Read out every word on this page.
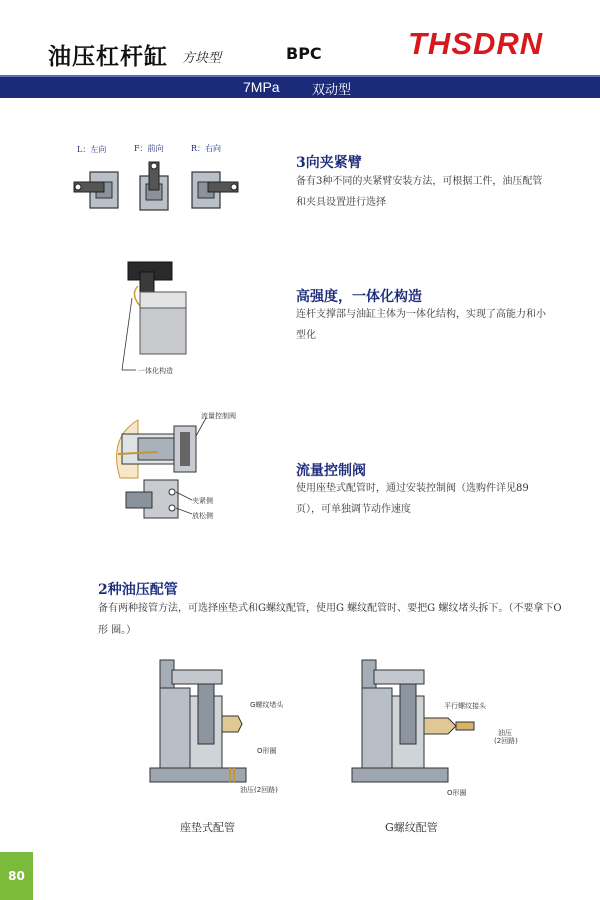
油压杠杆缸 方块型	BPC	THSDRN
7MPa 双动型
L：左向	F：前向	R：右向
3向夹紧臂
备有3种不同的夹紧臂安装方法，可根据工件，油压配管和夹具设置进行选择
一体化构造
高强度，一体化构造
连杆支撑部与油缸主体为一体化结构，实现了高能力和小型化
流量控制阀
夹紧侧
放松侧
流量控制阀
使用座垫式配管时，通过安装控制阀（选购件详见89页），可单独调节动作速度
2种油压配管
备有两种接管方法，可选择座垫式和G螺纹配管，使用G 螺纹配管时、要把G 螺纹堵头拆下。（不要拿下O形 圈。）
G螺纹堵头
O形圈
油压(2回路)
平行螺纹接头
油压
(2回路)
O形圈
座垫式配管	G螺纹配管
80
